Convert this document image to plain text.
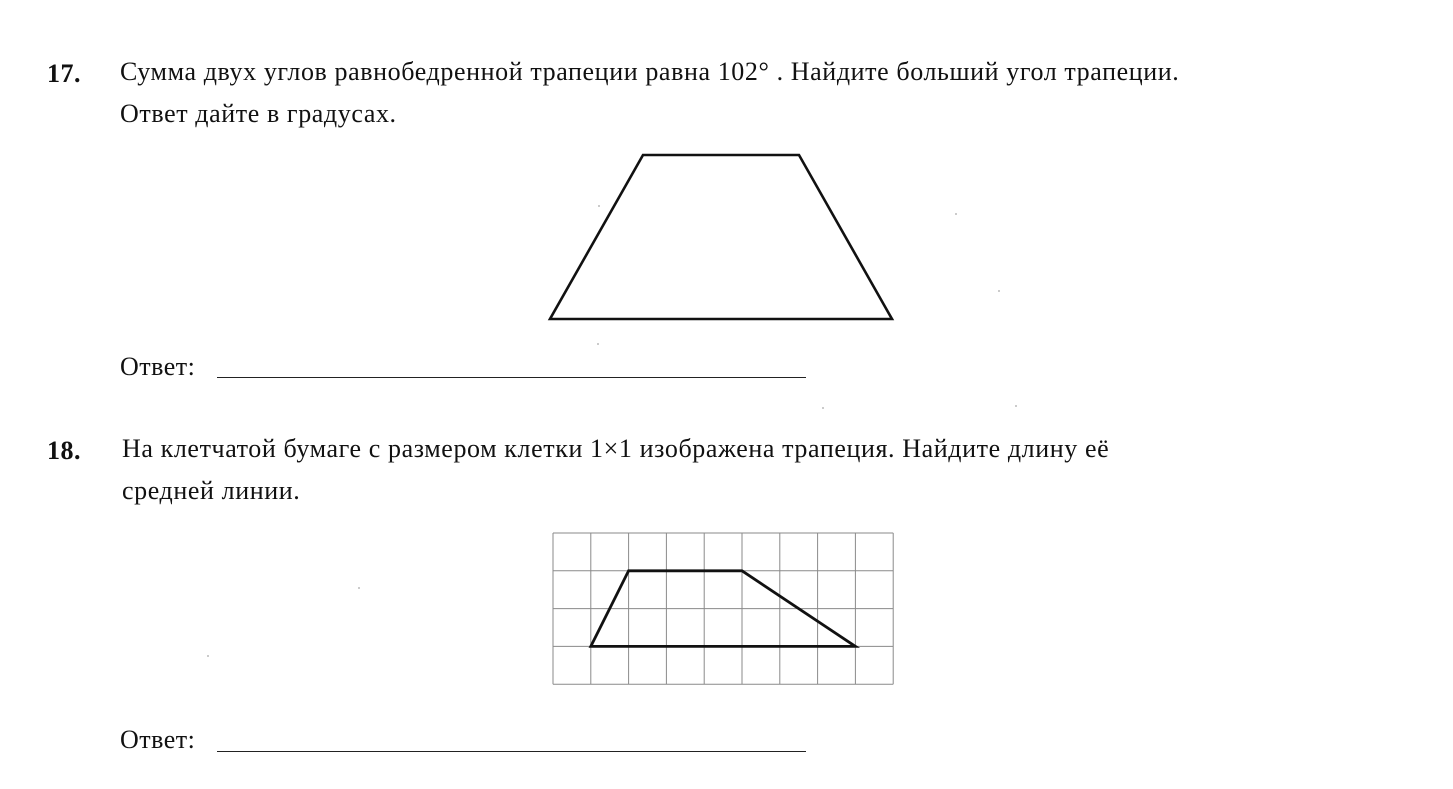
17. Сумма двух углов равнобедренной трапеции равна 102° . Найдите больший угол трапеции.
Ответ дайте в градусах.
Ответ:
18. На клетчатой бумаге с размером клетки 1×1 изображена трапеция. Найдите длину её
средней линии.
Ответ:
